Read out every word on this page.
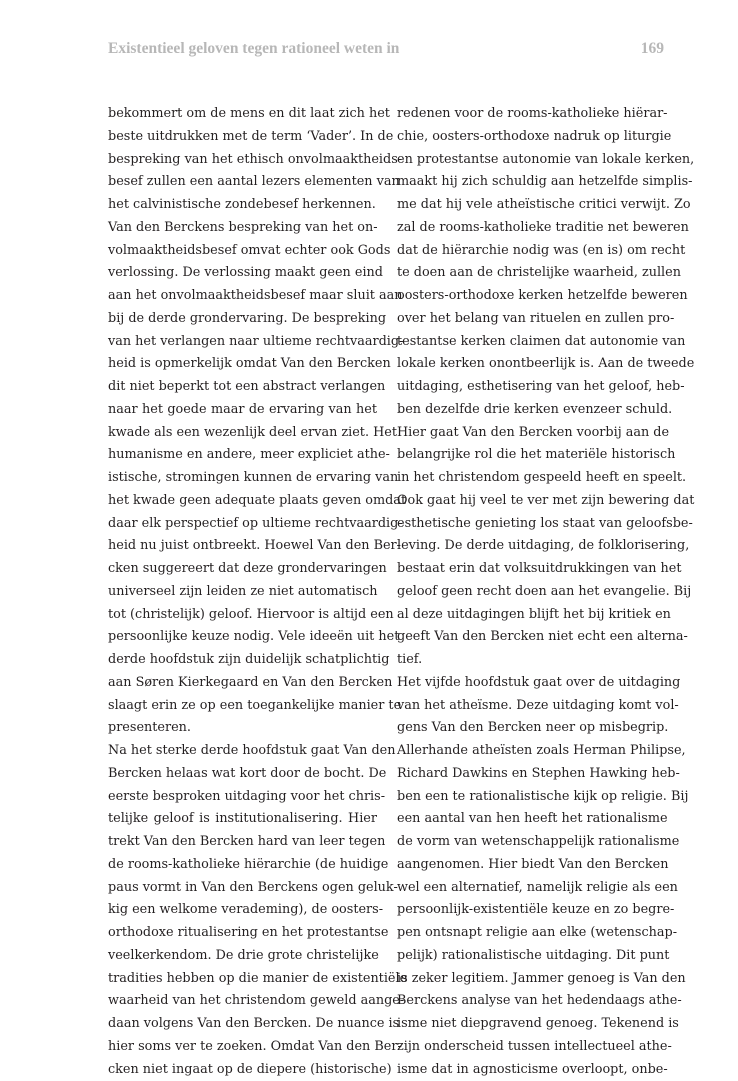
Existentieel geloven tegen rationeel weten in	169
bekommert om de mens en dit laat zich het
beste uitdrukken met de term ‘Vader’. In de
bespreking van het ethisch onvolmaaktheids-
besef zullen een aantal lezers elementen van
het calvinistische zondebesef herkennen.
Van den Berckens bespreking van het on-
volmaaktheidsbesef omvat echter ook Gods
verlossing. De verlossing maakt geen eind
aan het onvolmaaktheidsbesef maar sluit aan
bij de derde grondervaring. De bespreking
van het verlangen naar ultieme rechtvaardig-
heid is opmerkelijk omdat Van den Bercken
dit niet beperkt tot een abstract verlangen
naar het goede maar de ervaring van het
kwade als een wezenlijk deel ervan ziet. Het
humanisme en andere, meer expliciet athe-
istische, stromingen kunnen de ervaring van
het kwade geen adequate plaats geven omdat
daar elk perspectief op ultieme rechtvaardig-
heid nu juist ontbreekt. Hoewel Van den Ber-
cken suggereert dat deze grondervaringen
universeel zijn leiden ze niet automatisch
tot (christelijk) geloof. Hiervoor is altijd een
persoonlijke keuze nodig. Vele ideeën uit het
derde hoofdstuk zijn duidelijk schatplichtig
aan Søren Kierkegaard en Van den Bercken
slaagt erin ze op een toegankelijke manier te
presenteren.
Na het sterke derde hoofdstuk gaat Van den
Bercken helaas wat kort door de bocht. De
eerste besproken uitdaging voor het chris-
telijke geloof is institutionalisering. Hier
trekt Van den Bercken hard van leer tegen
de rooms-katholieke hiërarchie (de huidige
paus vormt in Van den Berckens ogen geluk-
kig een welkome verademing), de oosters-
orthodoxe ritualisering en het protestantse
veelkerkendom. De drie grote christelijke
tradities hebben op die manier de existentiële
waarheid van het christendom geweld aange-
daan volgens Van den Bercken. De nuance is
hier soms ver te zoeken. Omdat Van den Ber-
cken niet ingaat op de diepere (historische)
redenen voor de rooms-katholieke hiërar-
chie, oosters-orthodoxe nadruk op liturgie
en protestantse autonomie van lokale kerken,
maakt hij zich schuldig aan hetzelfde simplis-
me dat hij vele atheïstische critici verwijt. Zo
zal de rooms-katholieke traditie net beweren
dat de hiërarchie nodig was (en is) om recht
te doen aan de christelijke waarheid, zullen
oosters-orthodoxe kerken hetzelfde beweren
over het belang van rituelen en zullen pro-
testantse kerken claimen dat autonomie van
lokale kerken onontbeerlijk is. Aan de tweede
uitdaging, esthetisering van het geloof, heb-
ben dezelfde drie kerken evenzeer schuld.
Hier gaat Van den Bercken voorbij aan de
belangrijke rol die het materiële historisch
in het christendom gespeeld heeft en speelt.
Ook gaat hij veel te ver met zijn bewering dat
esthetische genieting los staat van geloofsbe-
leving. De derde uitdaging, de folklorisering,
bestaat erin dat volksuitdrukkingen van het
geloof geen recht doen aan het evangelie. Bij
al deze uitdagingen blijft het bij kritiek en
geeft Van den Bercken niet echt een alterna-
tief.
Het vijfde hoofdstuk gaat over de uitdaging
van het atheïsme. Deze uitdaging komt vol-
gens Van den Bercken neer op misbegrip.
Allerhande atheïsten zoals Herman Philipse,
Richard Dawkins en Stephen Hawking heb-
ben een te rationalistische kijk op religie. Bij
een aantal van hen heeft het rationalisme
de vorm van wetenschappelijk rationalisme
aangenomen. Hier biedt Van den Bercken
wel een alternatief, namelijk religie als een
persoonlijk-existentiële keuze en zo begre-
pen ontsnapt religie aan elke (wetenschap-
pelijk) rationalistische uitdaging. Dit punt
is zeker legitiem. Jammer genoeg is Van den
Berckens analyse van het hedendaags athe-
isme niet diepgravend genoeg. Tekenend is
zijn onderscheid tussen intellectueel athe-
isme dat in agnosticisme overloopt, onbe-
